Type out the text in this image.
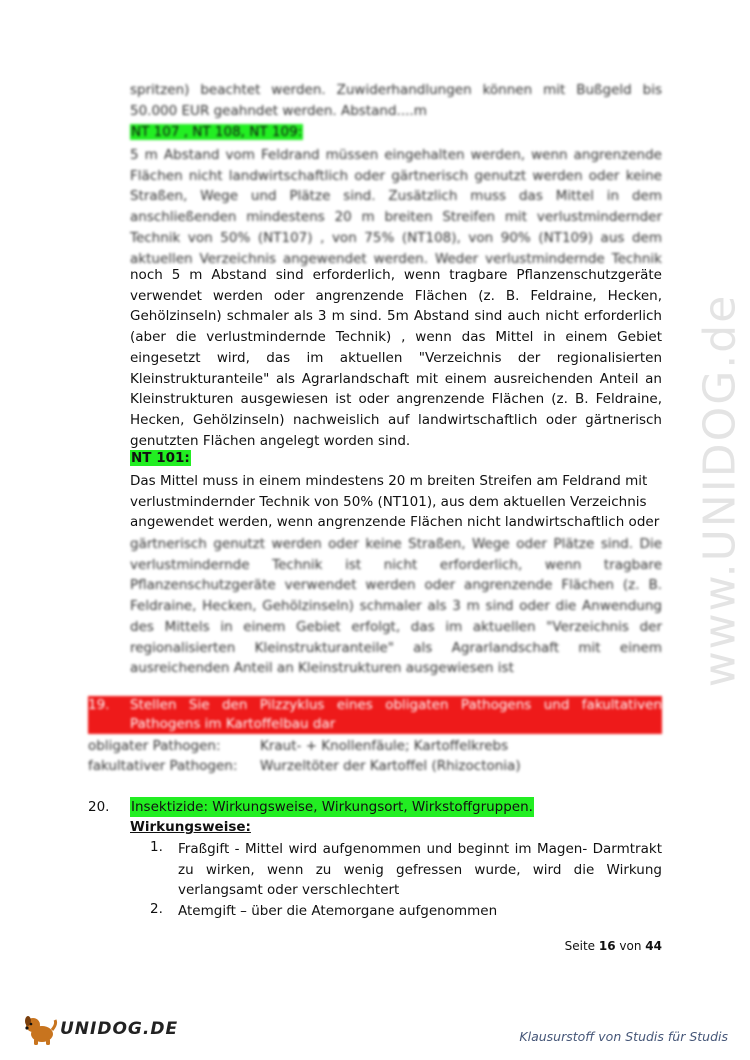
www.UNIDOG.de

spritzen) beachtet werden. Zuwiderhandlungen können mit Bußgeld bis

50.000 EUR geahndet werden. Abstand....m

NT 107 , NT 108, NT 109:

5 m Abstand vom Feldrand müssen eingehalten werden, wenn angrenzende Flächen nicht landwirtschaftlich oder gärtnerisch genutzt werden oder keine Straßen, Wege und Plätze sind. Zusätzlich muss das Mittel in dem anschließenden mindestens 20 m breiten Streifen mit verlustmindernder Technik von 50% (NT107) , von 75% (NT108), von 90% (NT109) aus dem aktuellen Verzeichnis angewendet werden. Weder verlustmindernde Technik

noch 5 m Abstand sind erforderlich, wenn tragbare Pflanzenschutzgeräte verwendet werden oder angrenzende Flächen (z. B. Feldraine, Hecken, Gehölzinseln) schmaler als 3 m sind. 5m Abstand sind auch nicht erforderlich (aber die verlustmindernde Technik) , wenn das Mittel in einem Gebiet eingesetzt wird, das im aktuellen "Verzeichnis der regionalisierten Kleinstrukturanteile" als Agrarlandschaft mit einem ausreichenden Anteil an Kleinstrukturen ausgewiesen ist oder angrenzende Flächen (z. B. Feldraine, Hecken, Gehölzinseln) nachweislich auf landwirtschaftlich oder gärtnerisch genutzten Flächen angelegt worden sind.

NT 101:

Das Mittel muss in einem mindestens 20 m breiten Streifen am Feldrand mit

verlustmindernder Technik von 50% (NT101), aus dem aktuellen Verzeichnis

angewendet werden, wenn angrenzende Flächen nicht landwirtschaftlich oder

gärtnerisch genutzt werden oder keine Straßen, Wege oder Plätze sind. Die verlustmindernde Technik ist nicht erforderlich, wenn tragbare Pflanzenschutzgeräte verwendet werden oder angrenzende Flächen (z. B. Feldraine, Hecken, Gehölzinseln) schmaler als 3 m sind oder die Anwendung des Mittels in einem Gebiet erfolgt, das im aktuellen "Verzeichnis der regionalisierten Kleinstrukturanteile" als Agrarlandschaft mit einem ausreichenden Anteil an Kleinstrukturen ausgewiesen ist

19.	Stellen Sie den Pilzzyklus eines obligaten Pathogens und fakultativen Pathogens im Kartoffelbau dar
obligater Pathogen:	Kraut- + Knollenfäule; Kartoffelkrebs
fakultativer Pathogen:	Wurzeltöter der Kartoffel (Rhizoctonia)
20.	Insektizide: Wirkungsweise, Wirkungsort, Wirkstoffgruppen.
Wirkungsweise:
1.	Fraßgift - Mittel wird aufgenommen und beginnt im Magen- Darmtrakt zu wirken, wenn zu wenig gefressen wurde, wird die Wirkung verlangsamt oder verschlechtert
2.	Atemgift – über die Atemorgane aufgenommen
Seite 16 von 44
UNIDOG.DE	Klausurstoff von Studis für Studis
